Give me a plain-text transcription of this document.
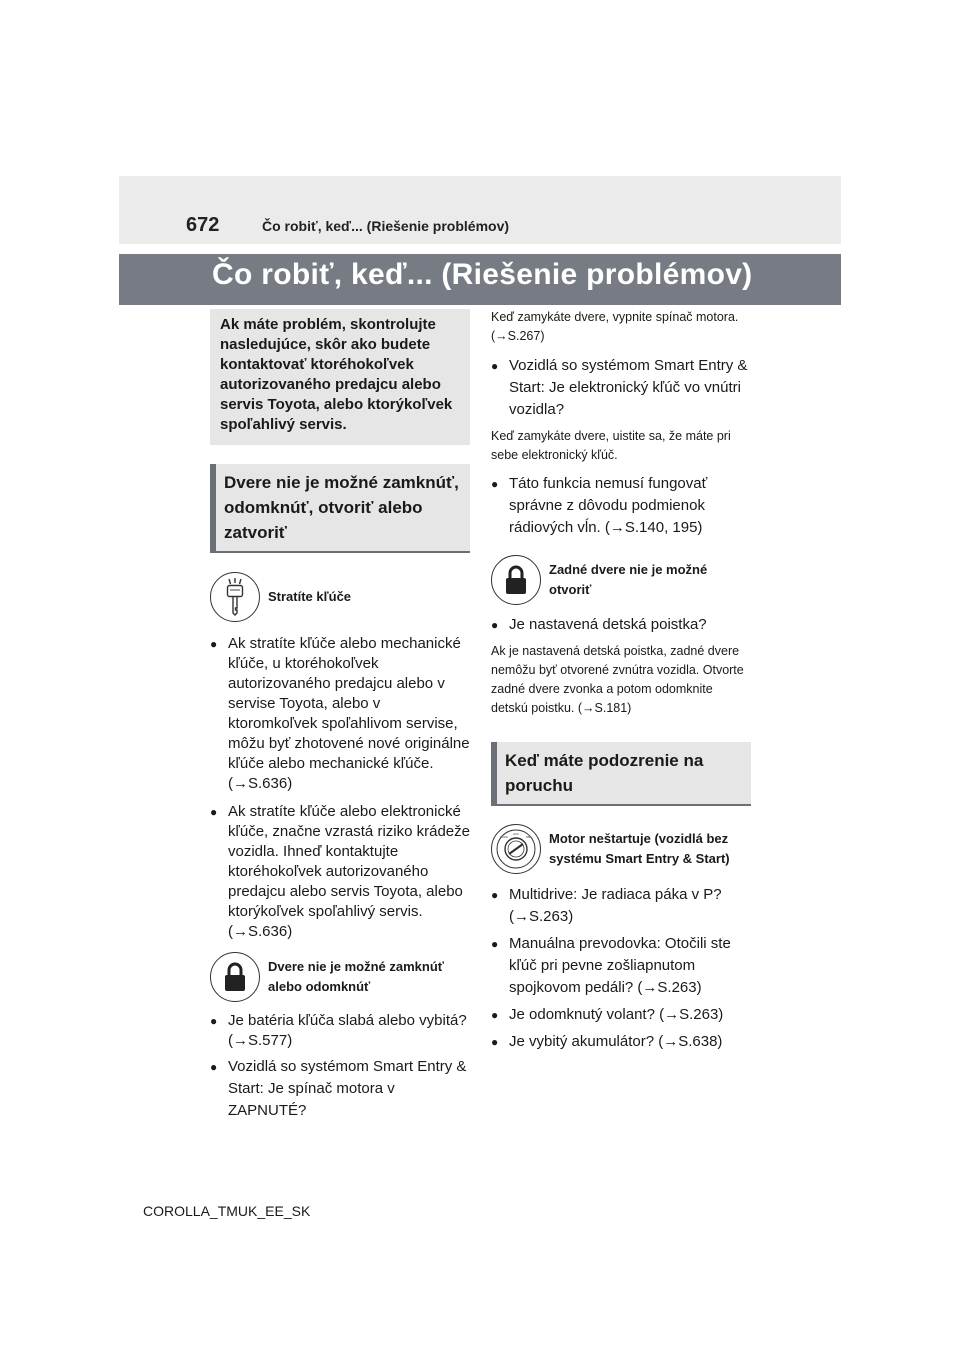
672	Čo robiť, keď... (Riešenie problémov)
Čo robiť, keď... (Riešenie problémov)
Ak máte problém, skontrolujte nasledujúce, skôr ako budete kontaktovať ktoréhokoľvek autorizovaného predajcu alebo servis Toyota, alebo ktorýkoľvek spoľahlivý servis.
Dvere nie je možné zamknúť, odomknúť, otvoriť alebo zatvoriť
Stratíte kľúče
● Ak stratíte kľúče alebo mechanické kľúče, u ktoréhokoľvek autorizovaného predajcu alebo v servise Toyota, alebo v ktoromkoľvek spoľahlivom servise, môžu byť zhotovené nové originálne kľúče alebo mechanické kľúče. (→S.636)
● Ak stratíte kľúče alebo elektronické kľúče, značne vzrastá riziko krádeže vozidla. Ihneď kontaktujte ktoréhokoľvek autorizovaného predajcu alebo servis Toyota, alebo ktorýkoľvek spoľahlivý servis. (→S.636)
Dvere nie je možné zamknúť alebo odomknúť
● Je batéria kľúča slabá alebo vybitá? (→S.577)
● Vozidlá so systémom Smart Entry & Start: Je spínač motora v ZAPNUTÉ?
Keď zamykáte dvere, vypnite spínač motora. (→S.267)
● Vozidlá so systémom Smart Entry & Start: Je elektronický kľúč vo vnútri vozidla?
Keď zamykáte dvere, uistite sa, že máte pri sebe elektronický kľúč.
● Táto funkcia nemusí fungovať správne z dôvodu podmienok rádiových vĺn. (→S.140, 195)
Zadné dvere nie je možné otvoriť
● Je nastavená detská poistka?
Ak je nastavená detská poistka, zadné dvere nemôžu byť otvorené zvnútra vozidla. Otvorte zadné dvere zvonka a potom odomknite detskú poistku. (→S.181)
Keď máte podozrenie na poruchu
ACC
ON
LOCK	Motor neštartuje (vozidlá bez systému Smart Entry & Start)
● Multidrive: Je radiaca páka v P? (→S.263)
● Manuálna prevodovka: Otočili ste kľúč pri pevne zošliapnutom spojkovom pedáli? (→S.263)
● Je odomknutý volant? (→S.263)
● Je vybitý akumulátor? (→S.638)
COROLLA_TMUK_EE_SK
